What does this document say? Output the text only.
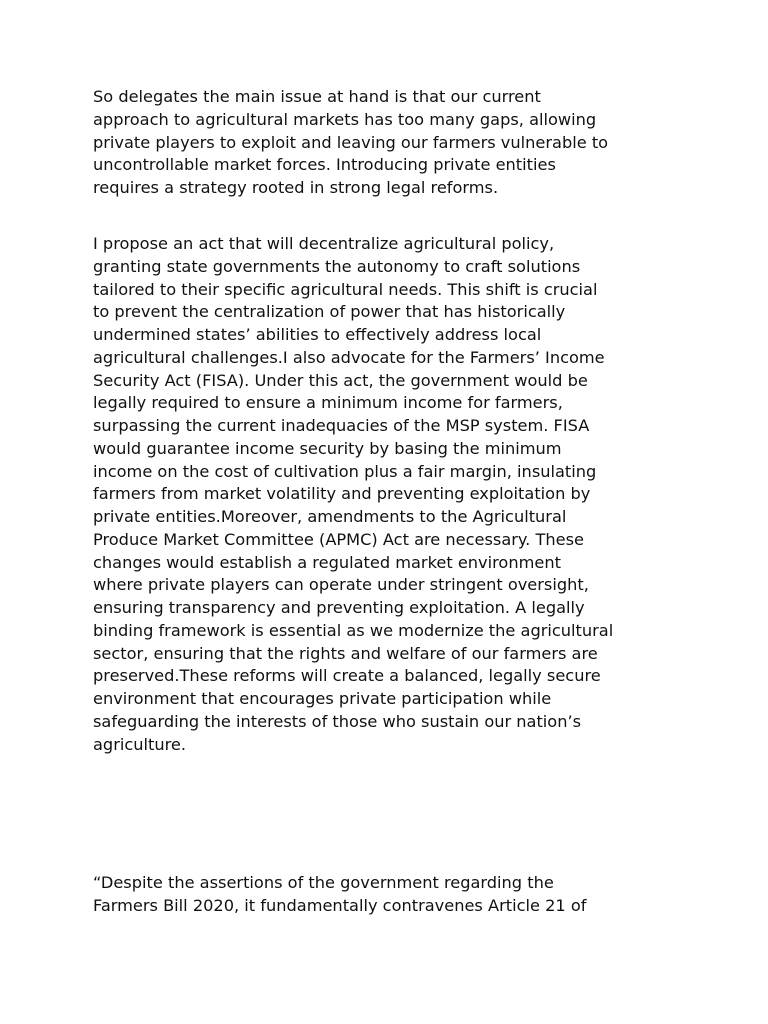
So delegates the main issue at hand is that our current
approach to agricultural markets has too many gaps, allowing
private players to exploit and leaving our farmers vulnerable to
uncontrollable market forces. Introducing private entities
requires a strategy rooted in strong legal reforms.

I propose an act that will decentralize agricultural policy,
granting state governments the autonomy to craft solutions
tailored to their specific agricultural needs. This shift is crucial
to prevent the centralization of power that has historically
undermined states’ abilities to effectively address local
agricultural challenges.I also advocate for the Farmers’ Income
Security Act (FISA). Under this act, the government would be
legally required to ensure a minimum income for farmers,
surpassing the current inadequacies of the MSP system. FISA
would guarantee income security by basing the minimum
income on the cost of cultivation plus a fair margin, insulating
farmers from market volatility and preventing exploitation by
private entities.Moreover, amendments to the Agricultural
Produce Market Committee (APMC) Act are necessary. These
changes would establish a regulated market environment
where private players can operate under stringent oversight,
ensuring transparency and preventing exploitation. A legally
binding framework is essential as we modernize the agricultural
sector, ensuring that the rights and welfare of our farmers are
preserved.These reforms will create a balanced, legally secure
environment that encourages private participation while
safeguarding the interests of those who sustain our nation’s
agriculture.

“Despite the assertions of the government regarding the
Farmers Bill 2020, it fundamentally contravenes Article 21 of
